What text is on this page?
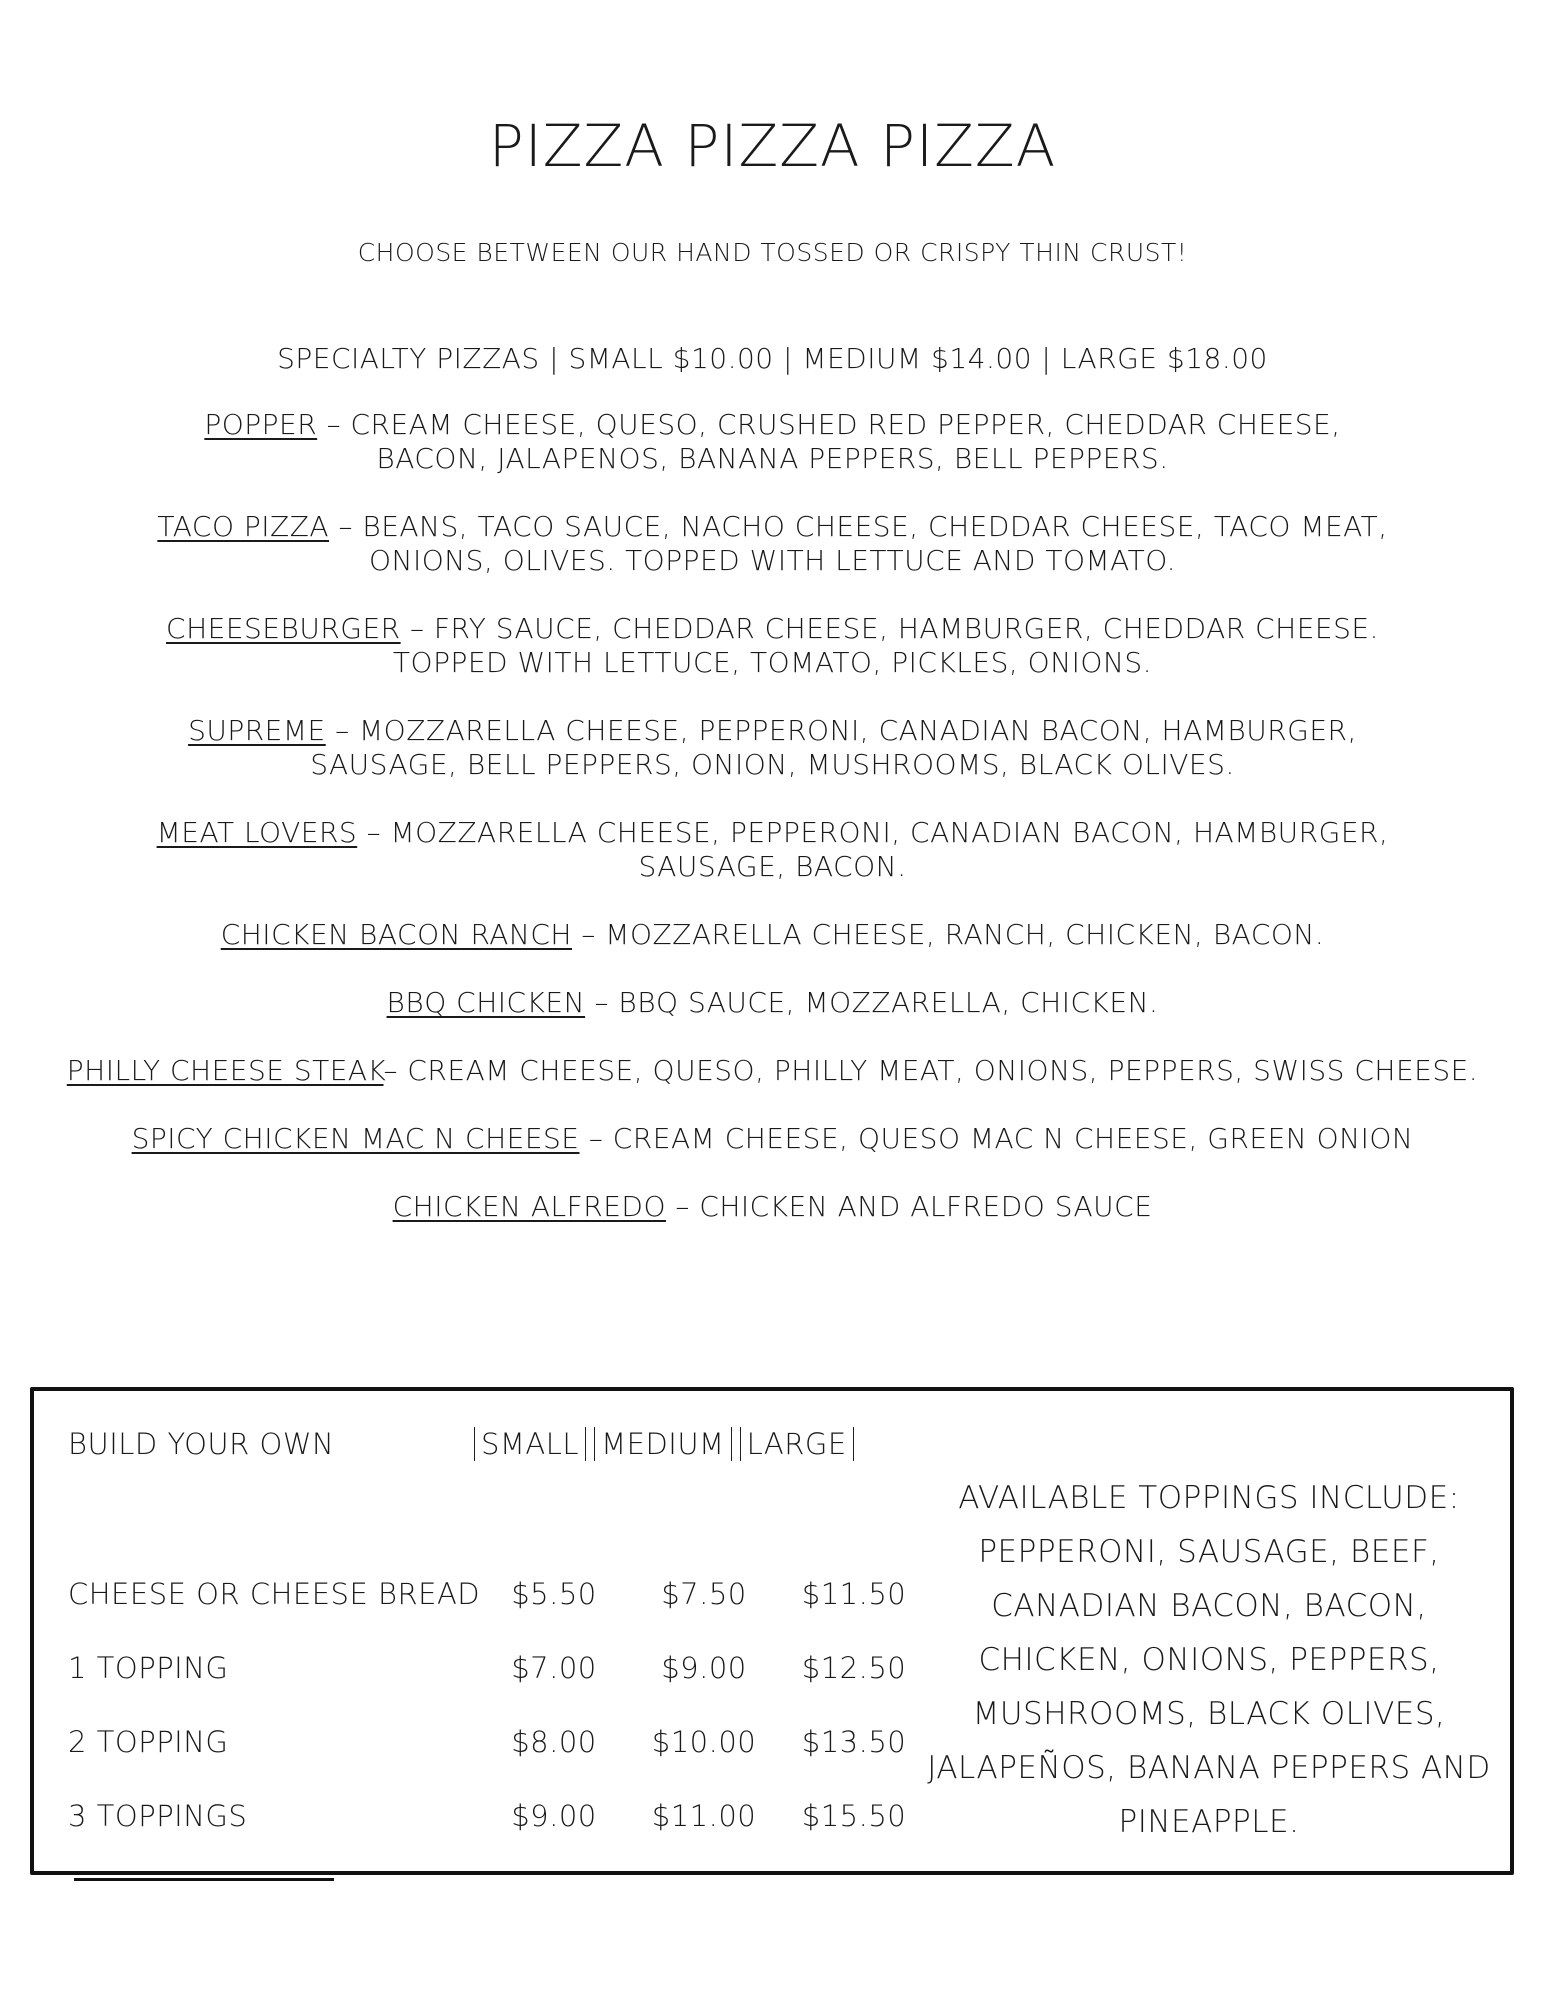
PIZZA PIZZA PIZZA

CHOOSE BETWEEN OUR HAND TOSSED OR CRISPY THIN CRUST!

SPECIALTY PIZZAS | SMALL $10.00 | MEDIUM $14.00 | LARGE $18.00

POPPER – CREAM CHEESE, QUESO, CRUSHED RED PEPPER, CHEDDAR CHEESE,
BACON, JALAPENOS, BANANA PEPPERS, BELL PEPPERS.
TACO PIZZA – BEANS, TACO SAUCE, NACHO CHEESE, CHEDDAR CHEESE, TACO MEAT,
ONIONS, OLIVES. TOPPED WITH LETTUCE AND TOMATO.
CHEESEBURGER – FRY SAUCE, CHEDDAR CHEESE, HAMBURGER, CHEDDAR CHEESE.
TOPPED WITH LETTUCE, TOMATO, PICKLES, ONIONS.
SUPREME – MOZZARELLA CHEESE, PEPPERONI, CANADIAN BACON, HAMBURGER,
SAUSAGE, BELL PEPPERS, ONION, MUSHROOMS, BLACK OLIVES.
MEAT LOVERS – MOZZARELLA CHEESE, PEPPERONI, CANADIAN BACON, HAMBURGER,
SAUSAGE, BACON.
CHICKEN BACON RANCH – MOZZARELLA CHEESE, RANCH, CHICKEN, BACON.
BBQ CHICKEN – BBQ SAUCE, MOZZARELLA, CHICKEN.
PHILLY CHEESE STEAK– CREAM CHEESE, QUESO, PHILLY MEAT, ONIONS, PEPPERS, SWISS CHEESE.
SPICY CHICKEN MAC N CHEESE – CREAM CHEESE, QUESO MAC N CHEESE, GREEN ONION
CHICKEN ALFREDO – CHICKEN AND ALFREDO SAUCE
BUILD YOUR OWN	SMALL MEDIUM LARGE
CHEESE OR CHEESE BREAD	$5.50	$7.50	$11.50
1 TOPPING	$7.00	$9.00	$12.50
2 TOPPING	$8.00	$10.00 $13.50
3 TOPPINGS	$9.00	$11.00 $15.50
AVAILABLE TOPPINGS INCLUDE:
PEPPERONI, SAUSAGE, BEEF,
CANADIAN BACON, BACON,
CHICKEN, ONIONS, PEPPERS,
MUSHROOMS, BLACK OLIVES,
JALAPEÑOS, BANANA PEPPERS AND
PINEAPPLE.
